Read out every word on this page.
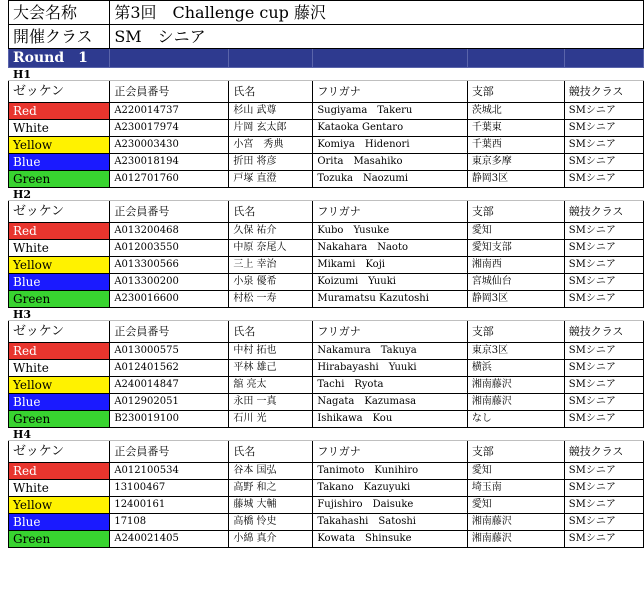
大会名称	第3回　Challenge cup 藤沢				
開催クラス	SM　シニア				
Round　1					
H1					
ゼッケン	正会員番号	氏名	フリガナ	支部	競技クラス
Red	A220014737	杉山 武尊	Sugiyama　Takeru	茨城北	SMシニア
White	A230017974	片岡 玄太郎	Kataoka Gentaro	千葉東	SMシニア
Yellow	A230003430	小宮　秀典	Komiya　Hidenori	千葉西	SMシニア
Blue	A230018194	折田 将彦	Orita　Masahiko	東京多摩	SMシニア
Green	A012701760	戸塚 直澄	Tozuka　Naozumi	静岡3区	SMシニア
H2					
ゼッケン	正会員番号	氏名	フリガナ	支部	競技クラス
Red	A013200468	久保 祐介	Kubo　Yusuke	愛知	SMシニア
White	A012003550	中原 奈尾人	Nakahara　Naoto	愛知支部	SMシニア
Yellow	A013300566	三上 幸治	Mikami　Koji	湘南西	SMシニア
Blue	A013300200	小泉 優希	Koizumi　Yuuki	宮城仙台	SMシニア
Green	A230016600	村松 一寿	Muramatsu Kazutoshi	静岡3区	SMシニア
H3					
ゼッケン	正会員番号	氏名	フリガナ	支部	競技クラス
Red	A013000575	中村 拓也	Nakamura　Takuya	東京3区	SMシニア
White	A012401562	平林 雄己	Hirabayashi　Yuuki	横浜	SMシニア
Yellow	A240014847	舘 亮太	Tachi　Ryota	湘南藤沢	SMシニア
Blue	A012902051	永田 一真	Nagata　Kazumasa	湘南藤沢	SMシニア
Green	B230019100	石川 光	Ishikawa　Kou	なし	SMシニア
H4					
ゼッケン	正会員番号	氏名	フリガナ	支部	競技クラス
Red	A012100534	谷本 国弘	Tanimoto　Kunihiro	愛知	SMシニア
White	13100467	高野 和之	Takano　Kazuyuki	埼玉南	SMシニア
Yellow	12400161	藤城 大輔	Fujishiro　Daisuke	愛知	SMシニア
Blue	17108	高橋 怜史	Takahashi　Satoshi	湘南藤沢	SMシニア
Green	A240021405	小綿 真介	Kowata　Shinsuke	湘南藤沢	SMシニア
